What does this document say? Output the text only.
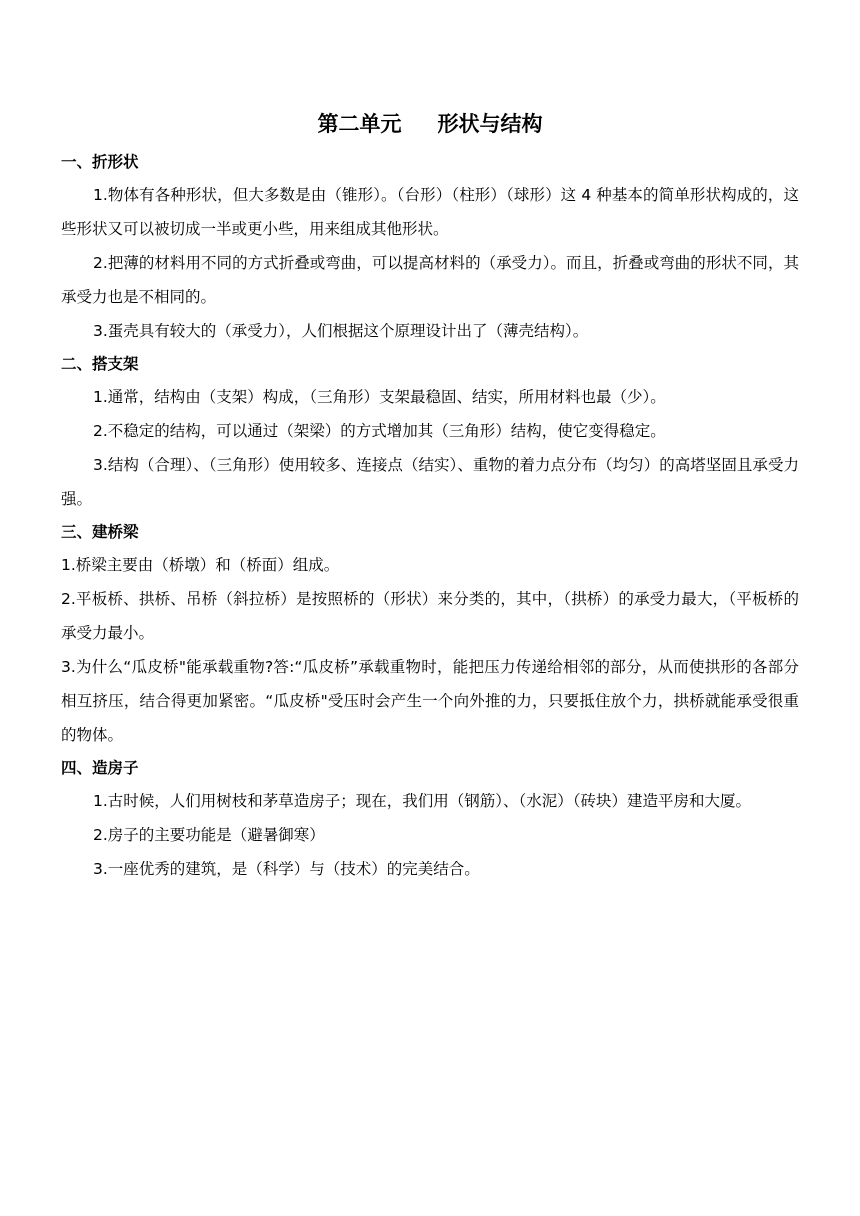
第二单元 形状与结构

一、折形状

1.物体有各种形状，但大多数是由（锥形）。（台形）（柱形）（球形）这 4 种基本的简单形状构成的，这些形状又可以被切成一半或更小些，用来组成其他形状。

2.把薄的材料用不同的方式折叠或弯曲，可以提高材料的（承受力）。而且，折叠或弯曲的形状不同，其承受力也是不相同的。

3.蛋壳具有较大的（承受力），人们根据这个原理设计出了（薄壳结构）。

二、搭支架

1.通常，结构由（支架）构成，（三角形）支架最稳固、结实，所用材料也最（少）。

2.不稳定的结构，可以通过（架梁）的方式增加其（三角形）结构，使它变得稳定。

3.结构（合理）、（三角形）使用较多、连接点（结实）、重物的着力点分布（均匀）的高塔坚固且承受力强。

三、建桥梁

1.桥梁主要由（桥墩）和（桥面）组成。

2.平板桥、拱桥、吊桥（斜拉桥）是按照桥的（形状）来分类的，其中，（拱桥）的承受力最大，（平板桥的承受力最小。

3.为什么“瓜皮桥"能承载重物?答:“瓜皮桥”承载重物时，能把压力传递给相邻的部分，从而使拱形的各部分相互挤压，结合得更加紧密。“瓜皮桥"受压时会产生一个向外推的力，只要抵住放个力，拱桥就能承受很重的物体。

四、造房子

1.古时候，人们用树枝和茅草造房子；现在，我们用（钢筋）、（水泥）（砖块）建造平房和大厦。

2.房子的主要功能是（避暑御寒）

3.一座优秀的建筑，是（科学）与（技术）的完美结合。
